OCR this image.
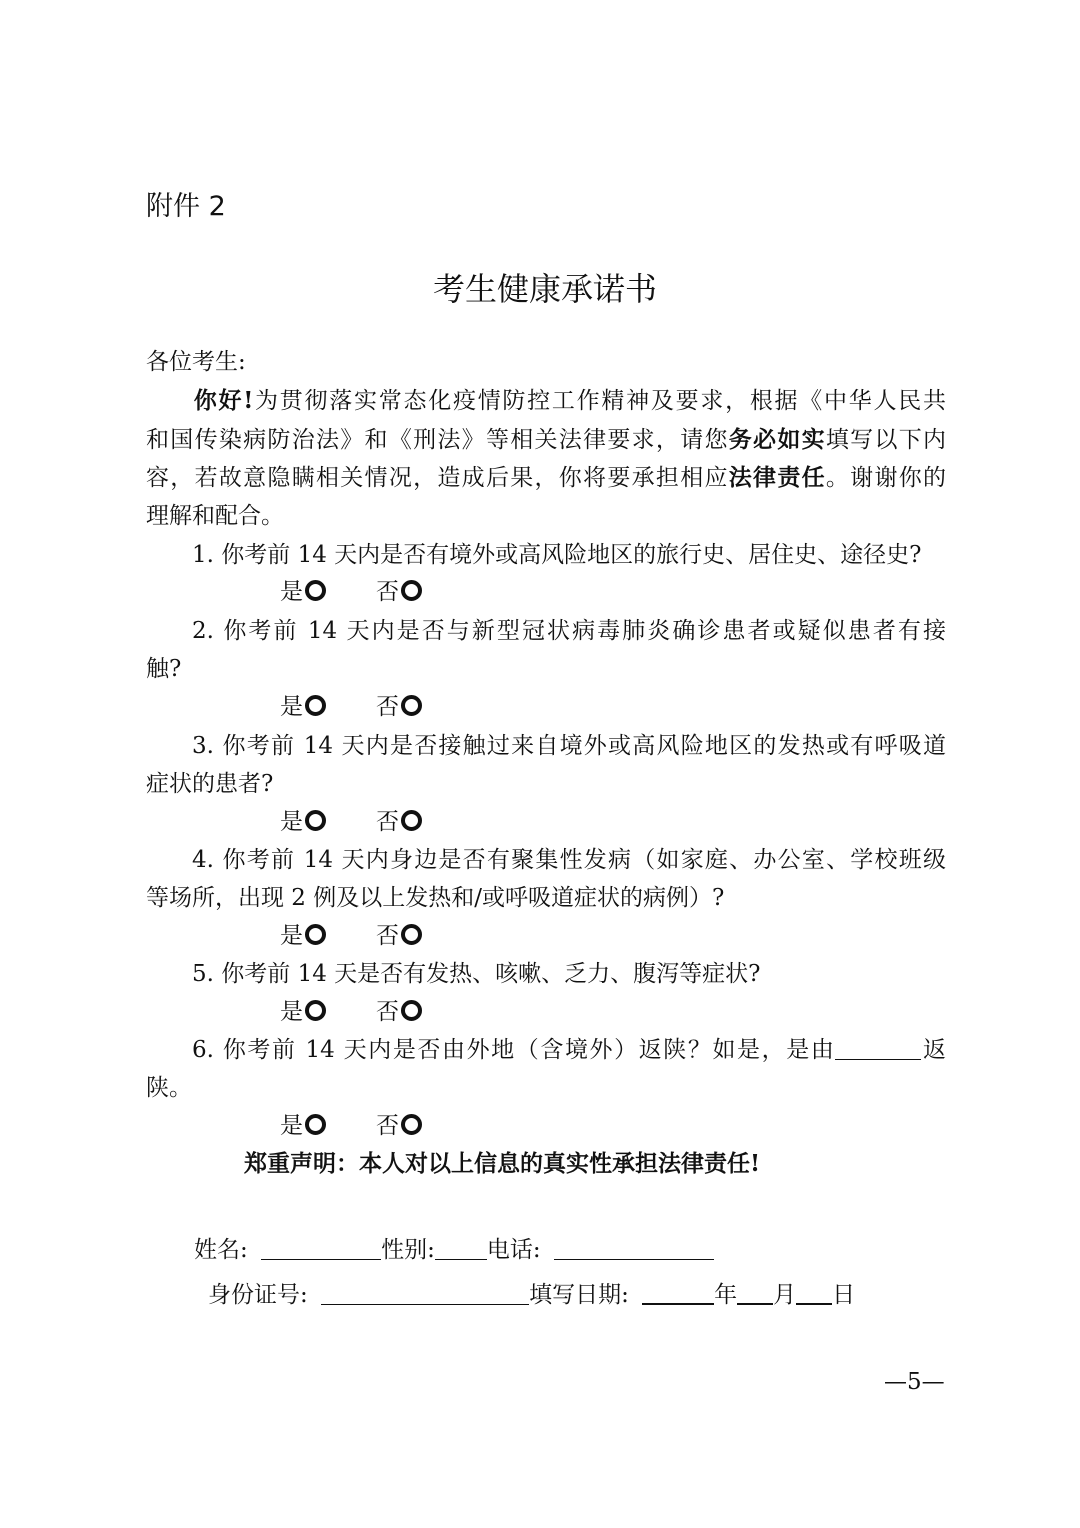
附件 2
考生健康承诺书
各位考生:
你好!为贯彻落实常态化疫情防控工作精神及要求，根据《中华人民共
和国传染病防治法》和《刑法》等相关法律要求，请您务必如实填写以下内
容，若故意隐瞒相关情况，造成后果，你将要承担相应法律责任。谢谢你的
理解和配合。
1. 你考前 14 天内是否有境外或高风险地区的旅行史、居住史、途径史?
是	否
2. 你考前 14 天内是否与新型冠状病毒肺炎确诊患者或疑似患者有接
触?
是	否
3. 你考前 14 天内是否接触过来自境外或高风险地区的发热或有呼吸道
症状的患者?
是	否
4. 你考前 14 天内身边是否有聚集性发病（如家庭、办公室、学校班级
等场所，出现 2 例及以上发热和/或呼吸道症状的病例）?
是	否
5. 你考前 14 天是否有发热、咳嗽、乏力、腹泻等症状?
是	否
6. 你考前 14 天内是否由外地（含境外）返陕？如是，是由	返
陕。
是	否
郑重声明：本人对以上信息的真实性承担法律责任!
姓名:	性别: 电话:
身份证号:	填写日期:	年 月 日
—5—
